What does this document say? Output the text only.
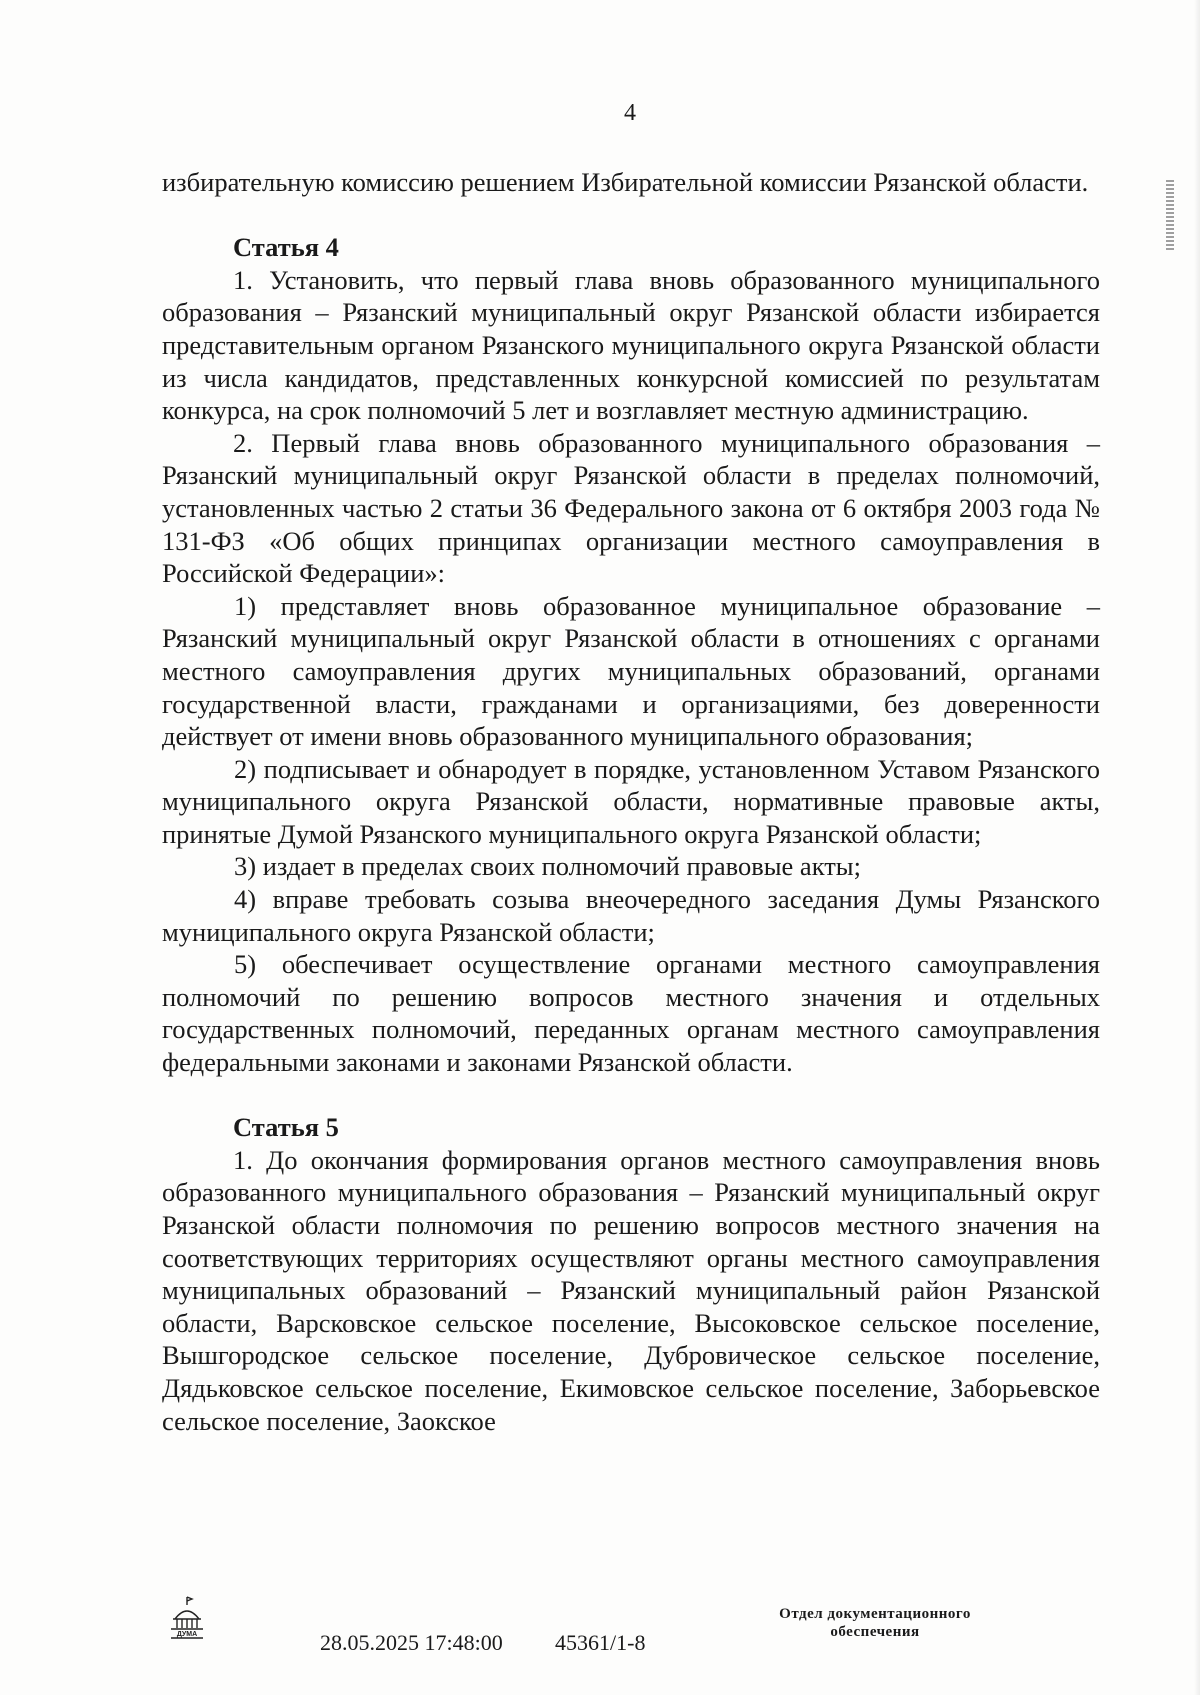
4

избирательную комиссию решением Избирательной комиссии Рязанской области.

Статья 4

1. Установить, что первый глава вновь образованного муниципального образования – Рязанский муниципальный округ Рязанской области избирается представительным органом Рязанского муниципального округа Рязанской области из числа кандидатов, представленных конкурсной комиссией по результатам конкурса, на срок полномочий 5 лет и возглавляет местную администрацию.

2. Первый глава вновь образованного муниципального образования – Рязанский муниципальный округ Рязанской области в пределах полномочий, установленных частью 2 статьи 36 Федерального закона от 6 октября 2003 года № 131-ФЗ «Об общих принципах организации местного самоуправления в Российской Федерации»:

1) представляет вновь образованное муниципальное образование – Рязанский муниципальный округ Рязанской области в отношениях с органами местного самоуправления других муниципальных образований, органами государственной власти, гражданами и организациями, без доверенности действует от имени вновь образованного муниципального образования;

2) подписывает и обнародует в порядке, установленном Уставом Рязанского муниципального округа Рязанской области, нормативные правовые акты, принятые Думой Рязанского муниципального округа Рязанской области;

3) издает в пределах своих полномочий правовые акты;

4) вправе требовать созыва внеочередного заседания Думы Рязанского муниципального округа Рязанской области;

5) обеспечивает осуществление органами местного самоуправления полномочий по решению вопросов местного значения и отдельных государственных полномочий, переданных органам местного самоуправления федеральными законами и законами Рязанской области.

Статья 5

1. До окончания формирования органов местного самоуправления вновь образованного муниципального образования – Рязанский муниципальный округ Рязанской области полномочия по решению вопросов местного значения на соответствующих территориях осуществляют органы местного самоуправления муниципальных образований – Рязанский муниципальный район Рязанской области, Варсковское сельское поселение, Высоковское сельское поселение, Вышгородское сельское поселение, Дубровическое сельское поселение, Дядьковское сельское поселение, Екимовское сельское поселение, Заборьевское сельское поселение, Заокское

ДУМА	28.05.2025 17:48:00 45361/1-8
Отдел документационного
обеспечения
